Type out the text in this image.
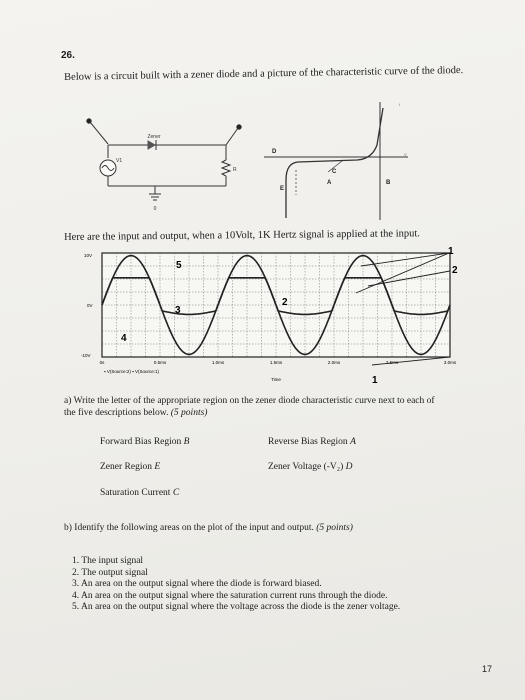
26.
Below is a circuit built with a zener diode and a picture of the characteristic curve of the diode.
Zener
R
0
V1
I
V
D
C
E
A	B
Here are the input and output, when a 10Volt, 1K Hertz signal is applied at the input.
10V
0V
-10V
0s	0.5ms	1.0ms	1.5ms	2.0ms	2.5ms	3.0ms
▪ V(Source:2) ▪ V(Source:1)
Time
1
2
5
3
4
2
1
a) Write the letter of the appropriate region on the zener diode characteristic curve next to each of the five descriptions below. (5 points)
Forward Bias Region B	Reverse Bias Region A
Zener Region E	Zener Voltage (-V₂) D
Saturation Current C
b) Identify the following areas on the plot of the input and output. (5 points)
1. The input signal
2. The output signal
3. An area on the output signal where the diode is forward biased.
4. An area on the output signal where the saturation current runs through the diode.
5. An area on the output signal where the voltage across the diode is the zener voltage.
17
